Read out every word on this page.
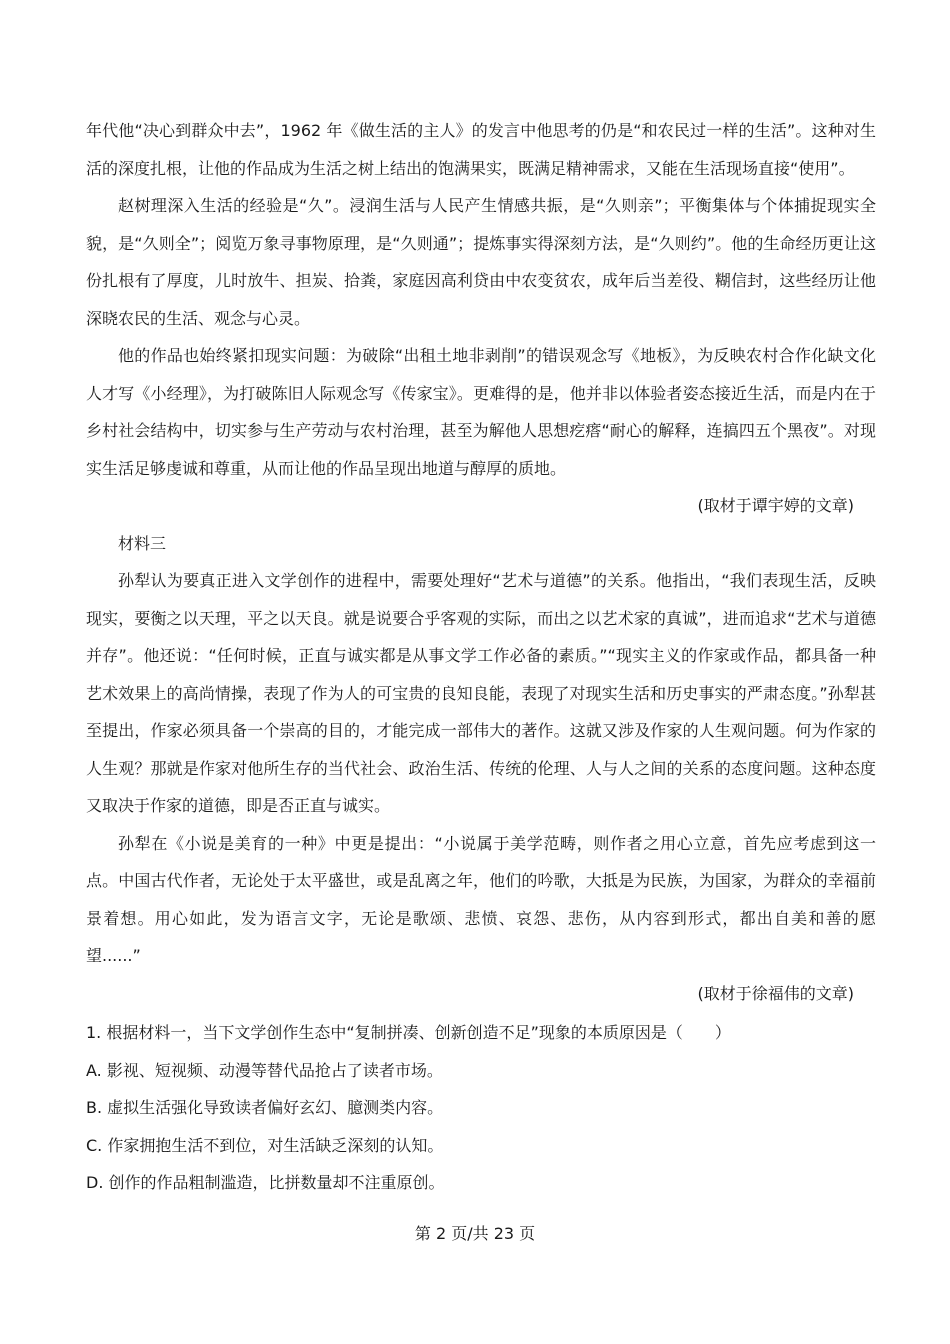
年代他“决心到群众中去”，1962 年《做生活的主人》的发言中他思考的仍是“和农民过一样的生活”。这种对生活的深度扎根，让他的作品成为生活之树上结出的饱满果实，既满足精神需求，又能在生活现场直接“使用”。

赵树理深入生活的经验是“久”。浸润生活与人民产生情感共振，是“久则亲”；平衡集体与个体捕捉现实全貌，是“久则全”；阅览万象寻事物原理，是“久则通”；提炼事实得深刻方法，是“久则约”。他的生命经历更让这份扎根有了厚度，儿时放牛、担炭、拾粪，家庭因高利贷由中农变贫农，成年后当差役、糊信封，这些经历让他深晓农民的生活、观念与心灵。

他的作品也始终紧扣现实问题：为破除“出租土地非剥削”的错误观念写《地板》，为反映农村合作化缺文化人才写《小经理》，为打破陈旧人际观念写《传家宝》。更难得的是，他并非以体验者姿态接近生活，而是内在于乡村社会结构中，切实参与生产劳动与农村治理，甚至为解他人思想疙瘩“耐心的解释，连搞四五个黑夜”。对现实生活足够虔诚和尊重，从而让他的作品呈现出地道与醇厚的质地。

(取材于谭宇婷的文章)

材料三

孙犁认为要真正进入文学创作的进程中，需要处理好“艺术与道德”的关系。他指出，“我们表现生活，反映现实，要衡之以天理，平之以天良。就是说要合乎客观的实际，而出之以艺术家的真诚”，进而追求“艺术与道德并存”。他还说：“任何时候，正直与诚实都是从事文学工作必备的素质。”“现实主义的作家或作品，都具备一种艺术效果上的高尚情操，表现了作为人的可宝贵的良知良能，表现了对现实生活和历史事实的严肃态度。”孙犁甚至提出，作家必须具备一个崇高的目的，才能完成一部伟大的著作。这就又涉及作家的人生观问题。何为作家的人生观？那就是作家对他所生存的当代社会、政治生活、传统的伦理、人与人之间的关系的态度问题。这种态度又取决于作家的道德，即是否正直与诚实。

孙犁在《小说是美育的一种》中更是提出：“小说属于美学范畴，则作者之用心立意，首先应考虑到这一点。中国古代作者，无论处于太平盛世，或是乱离之年，他们的吟歌，大抵是为民族，为国家，为群众的幸福前景着想。用心如此，发为语言文字，无论是歌颂、悲愤、哀怨、悲伤，从内容到形式，都出自美和善的愿望......”

(取材于徐福伟的文章)

1. 根据材料一，当下文学创作生态中“复制拼凑、创新创造不足”现象的本质原因是（　　）

A. 影视、短视频、动漫等替代品抢占了读者市场。

B. 虚拟生活强化导致读者偏好玄幻、臆测类内容。

C. 作家拥抱生活不到位，对生活缺乏深刻的认知。

D. 创作的作品粗制滥造，比拼数量却不注重原创。

第 2 页/共 23 页
